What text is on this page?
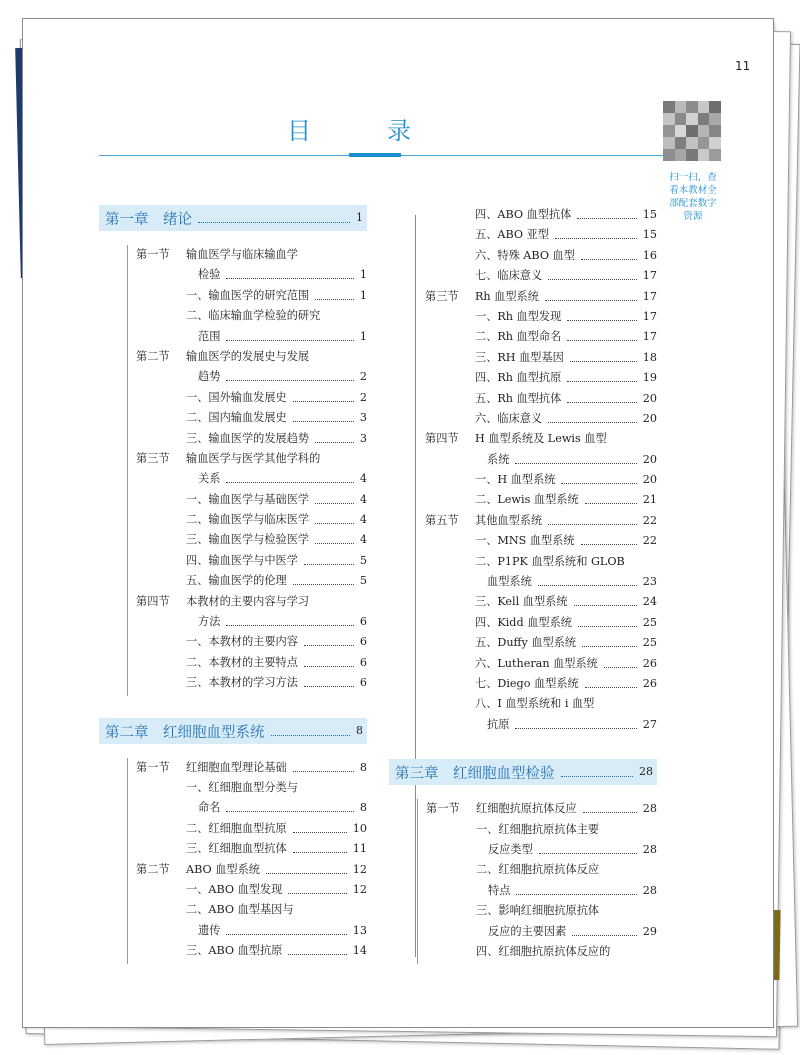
11
目　录
扫一扫，查
看本教材全
部配套数字
资源
第一章　绪论	1
第一节 输血医学与临床输血学
检验	1
一、输血医学的研究范围	1
二、临床输血学检验的研究
范围	1
第二节 输血医学的发展史与发展
趋势	2
一、国外输血发展史	2
二、国内输血发展史	3
三、输血医学的发展趋势	3
第三节 输血医学与医学其他学科的
关系	4
一、输血医学与基础医学	4
二、输血医学与临床医学	4
三、输血医学与检验医学	4
四、输血医学与中医学	5
五、输血医学的伦理	5
第四节 本教材的主要内容与学习
方法	6
一、本教材的主要内容	6
二、本教材的主要特点	6
三、本教材的学习方法	6
第二章　红细胞血型系统	8
第一节 红细胞血型理论基础	8
一、红细胞血型分类与
命名	8
二、红细胞血型抗原	10
三、红细胞血型抗体	11
第二节 ABO 血型系统	12
一、ABO 血型发现	12
二、ABO 血型基因与
遗传	13
三、ABO 血型抗原	14
四、ABO 血型抗体	15
五、ABO 亚型	15
六、特殊 ABO 血型	16
七、临床意义	17
第三节 Rh 血型系统	17
一、Rh 血型发现	17
二、Rh 血型命名	17
三、RH 血型基因	18
四、Rh 血型抗原	19
五、Rh 血型抗体	20
六、临床意义	20
第四节 H 血型系统及 Lewis 血型
系统	20
一、H 血型系统	20
二、Lewis 血型系统	21
第五节 其他血型系统	22
一、MNS 血型系统	22
二、P1PK 血型系统和 GLOB
血型系统	23
三、Kell 血型系统	24
四、Kidd 血型系统	25
五、Duffy 血型系统	25
六、Lutheran 血型系统	26
七、Diego 血型系统	26
八、I 血型系统和 i 血型
抗原	27
第三章　红细胞血型检验	28
第一节 红细胞抗原抗体反应	28
一、红细胞抗原抗体主要
反应类型	28
二、红细胞抗原抗体反应
特点	28
三、影响红细胞抗原抗体
反应的主要因素	29
四、红细胞抗原抗体反应的
